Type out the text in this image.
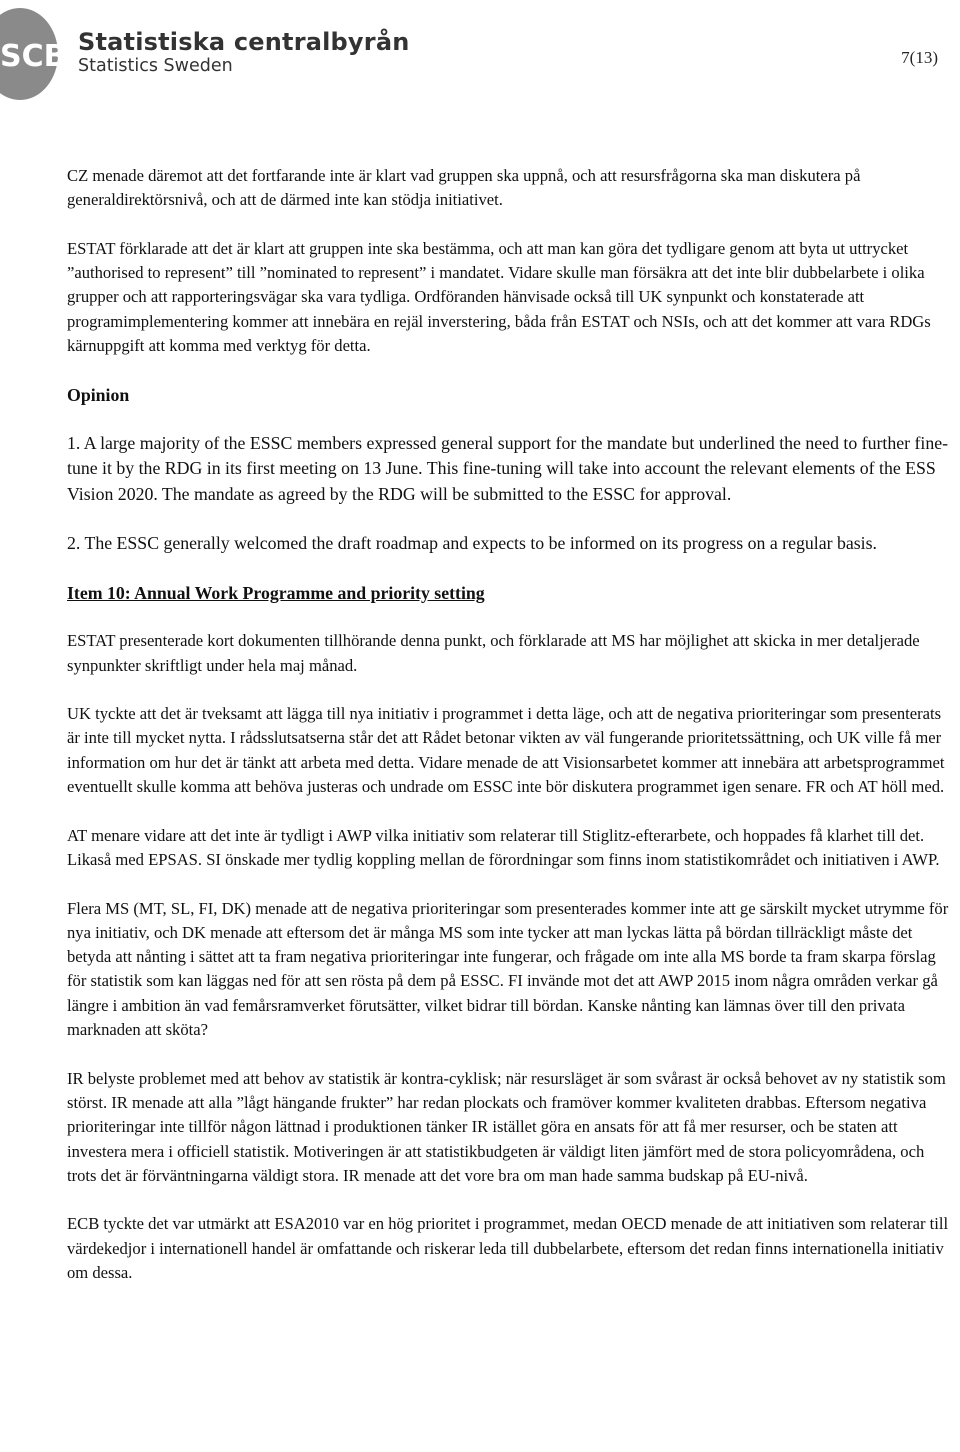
SCB Statistiska centralbyrån
Statistics Sweden	7(13)

CZ menade däremot att det fortfarande inte är klart vad gruppen ska uppnå, och att resursfrågorna ska man diskutera på generaldirektörsnivå, och att de därmed inte kan stödja initiativet.

ESTAT förklarade att det är klart att gruppen inte ska bestämma, och att man kan göra det tydligare genom att byta ut uttrycket ”authorised to represent” till ”nominated to represent” i mandatet. Vidare skulle man försäkra att det inte blir dubbelarbete i olika grupper och att rapporteringsvägar ska vara tydliga. Ordföranden hänvisade också till UK synpunkt och konstaterade att programimplementering kommer att innebära en rejäl inverstering, båda från ESTAT och NSIs, och att det kommer att vara RDGs kärnuppgift att komma med verktyg för detta.

Opinion

1. A large majority of the ESSC members expressed general support for the mandate but underlined the need to further fine-tune it by the RDG in its first meeting on 13 June. This fine-tuning will take into account the relevant elements of the ESS Vision 2020. The mandate as agreed by the RDG will be submitted to the ESSC for approval.

2. The ESSC generally welcomed the draft roadmap and expects to be informed on its progress on a regular basis.

Item 10: Annual Work Programme and priority setting

ESTAT presenterade kort dokumenten tillhörande denna punkt, och förklarade att MS har möjlighet att skicka in mer detaljerade synpunkter skriftligt under hela maj månad.

UK tyckte att det är tveksamt att lägga till nya initiativ i programmet i detta läge, och att de negativa prioriteringar som presenterats är inte till mycket nytta. I rådsslutsatserna står det att Rådet betonar vikten av väl fungerande prioritetssättning, och UK ville få mer information om hur det är tänkt att arbeta med detta. Vidare menade de att Visionsarbetet kommer att innebära att arbetsprogrammet eventuellt skulle komma att behöva justeras och undrade om ESSC inte bör diskutera programmet igen senare. FR och AT höll med.

AT menare vidare att det inte är tydligt i AWP vilka initiativ som relaterar till Stiglitz-efterarbete, och hoppades få klarhet till det. Likaså med EPSAS. SI önskade mer tydlig koppling mellan de förordningar som finns inom statistikområdet och initiativen i AWP.

Flera MS (MT, SL, FI, DK) menade att de negativa prioriteringar som presenterades kommer inte att ge särskilt mycket utrymme för nya initiativ, och DK menade att eftersom det är många MS som inte tycker att man lyckas lätta på bördan tillräckligt måste det betyda att nånting i sättet att ta fram negativa prioriteringar inte fungerar, och frågade om inte alla MS borde ta fram skarpa förslag för statistik som kan läggas ned för att sen rösta på dem på ESSC. FI invände mot det att AWP 2015 inom några områden verkar gå längre i ambition än vad femårsramverket förutsätter, vilket bidrar till bördan. Kanske nånting kan lämnas över till den privata marknaden att sköta?

IR belyste problemet med att behov av statistik är kontra-cyklisk; när resursläget är som svårast är också behovet av ny statistik som störst. IR menade att alla ”lågt hängande frukter” har redan plockats och framöver kommer kvaliteten drabbas. Eftersom negativa prioriteringar inte tillför någon lättnad i produktionen tänker IR istället göra en ansats för att få mer resurser, och be staten att investera mera i officiell statistik. Motiveringen är att statistikbudgeten är väldigt liten jämfört med de stora policyområdena, och trots det är förväntningarna väldigt stora. IR menade att det vore bra om man hade samma budskap på EU-nivå.

ECB tyckte det var utmärkt att ESA2010 var en hög prioritet i programmet, medan OECD menade de att initiativen som relaterar till värdekedjor i internationell handel är omfattande och riskerar leda till dubbelarbete, eftersom det redan finns internationella initiativ om dessa.
